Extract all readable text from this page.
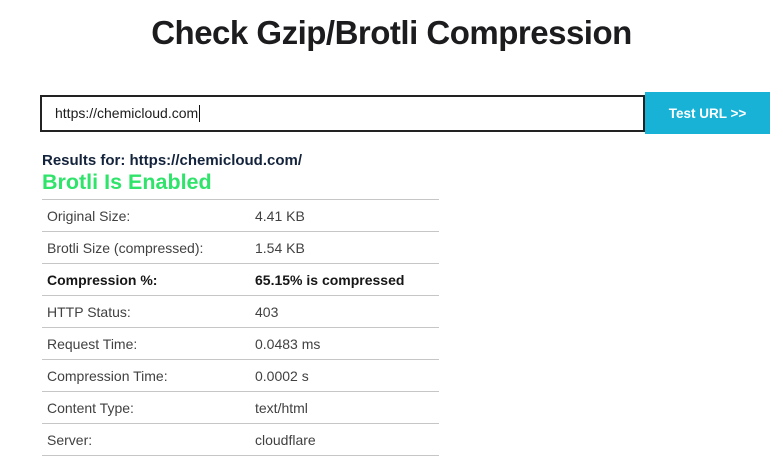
Check Gzip/Brotli Compression
https://chemicloud.com	Test URL >>
Results for: https://chemicloud.com/
Brotli Is Enabled
Original Size:	4.41 KB
Brotli Size (compressed):	1.54 KB
Compression %:	65.15% is compressed
HTTP Status:	403
Request Time:	0.0483 ms
Compression Time:	0.0002 s
Content Type:	text/html
Server:	cloudflare
